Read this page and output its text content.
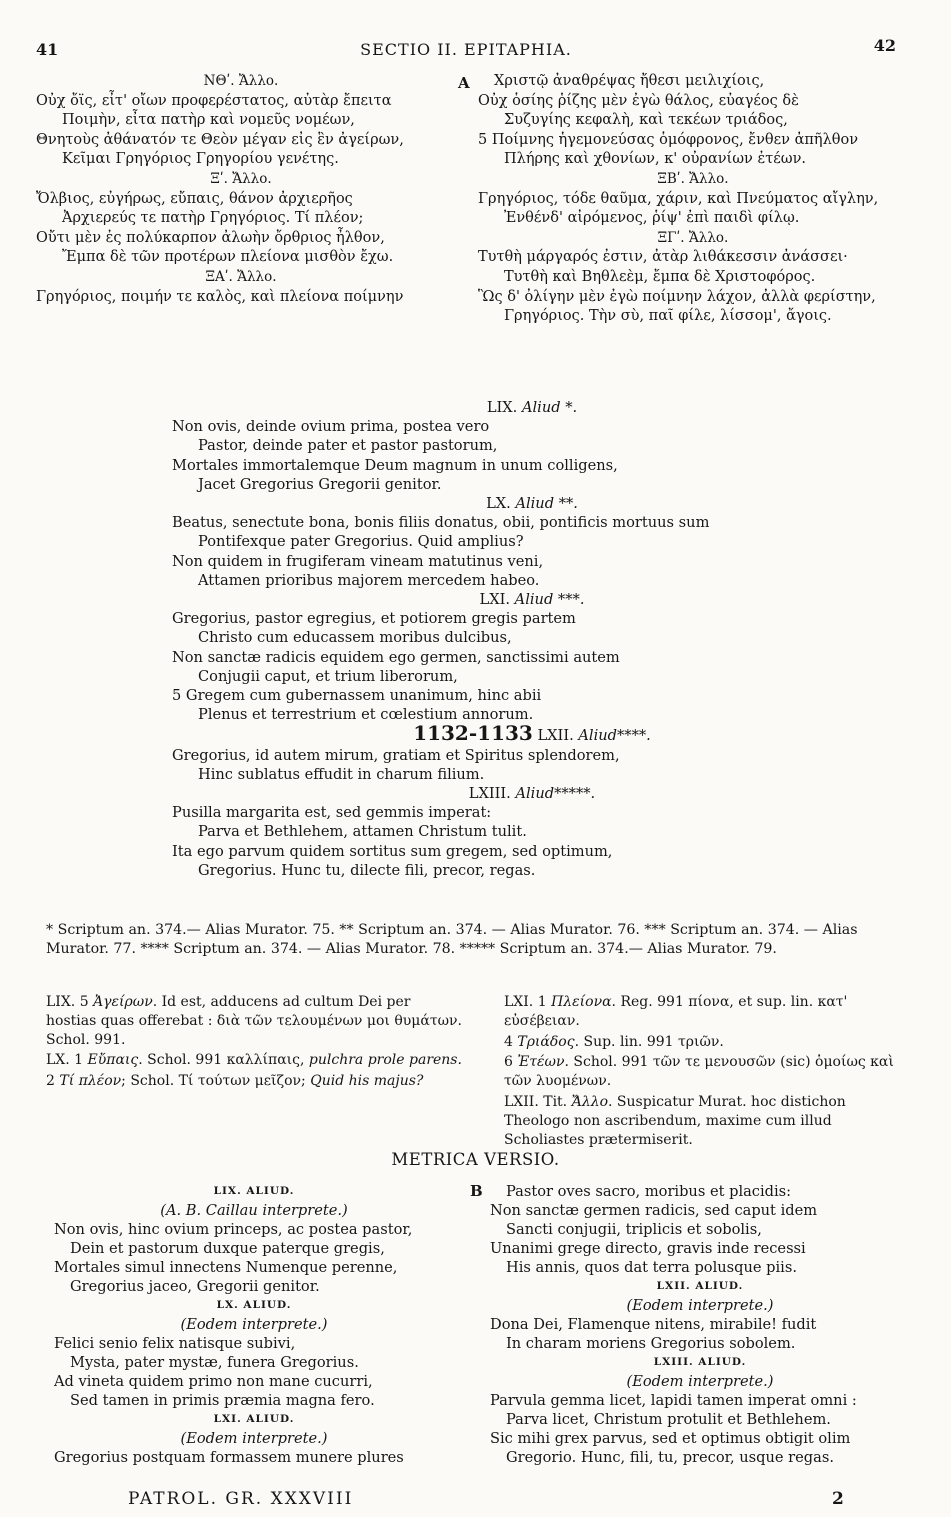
41	SECTIO II. EPITAPHIA.	42
ΝΘʹ. Ἄλλο.
Οὐχ ὄϊς, εἶτ' οἴων προφερέστατος, αὐτὰρ ἔπειτα
Ποιμὴν, εἶτα πατὴρ καὶ νομεῦς νομέων,
Θνητοὺς ἀθάνατόν τε Θεὸν μέγαν εἰς ἓν ἀγείρων,
Κεῖμαι Γρηγόριος Γρηγορίου γενέτης.
Ξʹ. Ἄλλο.
Ὄλβιος, εὐγήρως, εὔπαις, θάνον ἀρχιερῆος
Ἀρχιερεύς τε πατὴρ Γρηγόριος. Τί πλέον;
Οὔτι μὲν ἐς πολύκαρπον ἀλωὴν ὄρθριος ἦλθον,
Ἔμπα δὲ τῶν προτέρων πλείονα μισθὸν ἔχω.
ΞΑʹ. Ἄλλο.
Γρηγόριος, ποιμήν τε καλὸς, καὶ πλείονα ποίμνην
A	Χριστῷ ἀναθρέψας ἤθεσι μειλιχίοις,
Οὐχ ὁσίης ῥίζης μὲν ἐγὼ θάλος, εὐαγέος δὲ
Συζυγίης κεφαλὴ, καὶ τεκέων τριάδος,
5 Ποίμνης ἡγεμονεύσας ὁμόφρονος, ἔνθεν ἀπῆλθον
Πλήρης καὶ χθονίων, κ' οὐρανίων ἐτέων.
ΞΒʹ. Ἄλλο.
Γρηγόριος, τόδε θαῦμα, χάριν, καὶ Πνεύματος αἴγλην,
Ἐνθένδ' αἰρόμενος, ῥίψ' ἐπὶ παιδὶ φίλῳ.
ΞΓʹ. Ἄλλο.
Τυτθὴ μάργαρός ἐστιν, ἀτὰρ λιθάκεσσιν ἀνάσσει·
Τυτθὴ καὶ Βηθλεὲμ, ἔμπα δὲ Χριστοφόρος.
Ὣς δ' ὀλίγην μὲν ἐγὼ ποίμνην λάχον, ἀλλὰ φερίστην,
Γρηγόριος. Τὴν σὺ, παῖ φίλε, λίσσομ', ἄγοις.
LIX. Aliud *.
Non ovis, deinde ovium prima, postea vero
Pastor, deinde pater et pastor pastorum,
Mortales immortalemque Deum magnum in unum colligens,
Jacet Gregorius Gregorii genitor.
LX. Aliud **.
Beatus, senectute bona, bonis filiis donatus, obii, pontificis mortuus sum
Pontifexque pater Gregorius. Quid amplius?
Non quidem in frugiferam vineam matutinus veni,
Attamen prioribus majorem mercedem habeo.
LXI. Aliud ***.
Gregorius, pastor egregius, et potiorem gregis partem
Christo cum educassem moribus dulcibus,
Non sanctæ radicis equidem ego germen, sanctissimi autem
Conjugii caput, et trium liberorum,
5 Gregem cum gubernassem unanimum, hinc abii
Plenus et terrestrium et cœlestium annorum.
1132-1133 LXII. Aliud****.
Gregorius, id autem mirum, gratiam et Spiritus splendorem,
Hinc sublatus effudit in charum filium.
LXIII. Aliud*****.
Pusilla margarita est, sed gemmis imperat:
Parva et Bethlehem, attamen Christum tulit.
Ita ego parvum quidem sortitus sum gregem, sed optimum,
Gregorius. Hunc tu, dilecte fili, precor, regas.
* Scriptum an. 374.— Alias Murator. 75. ** Scriptum an. 374. — Alias Murator. 76. *** Scriptum an. 374. — Alias Murator. 77. **** Scriptum an. 374. — Alias Murator. 78. ***** Scriptum an. 374.— Alias Murator. 79.

LIX. 5 Ἀγείρων. Id est, adducens ad cultum Dei per hostias quas offerebat : διὰ τῶν τελουμένων μοι θυμάτων. Schol. 991.

LX. 1 Εὔπαις. Schol. 991 καλλίπαις, pulchra prole parens.

2 Τί πλέον; Schol. Τί τούτων μεῖζον; Quid his majus?

LXI. 1 Πλείονα. Reg. 991 πίονα, et sup. lin. κατ' εὐσέβειαν.

4 Τριάδος. Sup. lin. 991 τριῶν.

6 Ἐτέων. Schol. 991 τῶν τε μενουσῶν (sic) ὁμοίως καὶ τῶν λυομένων.

LXII. Tit. Ἄλλο. Suspicatur Murat. hoc distichon Theologo non ascribendum, maxime cum illud Scholiastes prætermiserit.

METRICA VERSIO.
LIX. ALIUD.
(A. B. Caillau interprete.)
Non ovis, hinc ovium princeps, ac postea pastor,
Dein et pastorum duxque paterque gregis,
Mortales simul innectens Numenque perenne,
Gregorius jaceo, Gregorii genitor.
LX. ALIUD.
(Eodem interprete.)
Felici senio felix natisque subivi,
Mysta, pater mystæ, funera Gregorius.
Ad vineta quidem primo non mane cucurri,
Sed tamen in primis præmia magna fero.
LXI. ALIUD.
(Eodem interprete.)
Gregorius postquam formassem munere plures
B	Pastor oves sacro, moribus et placidis:
Non sanctæ germen radicis, sed caput idem
Sancti conjugii, triplicis et sobolis,
Unanimi grege directo, gravis inde recessi
His annis, quos dat terra polusque piis.
LXII. ALIUD.
(Eodem interprete.)
Dona Dei, Flamenque nitens, mirabile! fudit
In charam moriens Gregorius sobolem.
LXIII. ALIUD.
(Eodem interprete.)
Parvula gemma licet, lapidi tamen imperat omni :
Parva licet, Christum protulit et Bethlehem.
Sic mihi grex parvus, sed et optimus obtigit olim
Gregorio. Hunc, fili, tu, precor, usque regas.
PATROL. GR. XXXVIII	2
